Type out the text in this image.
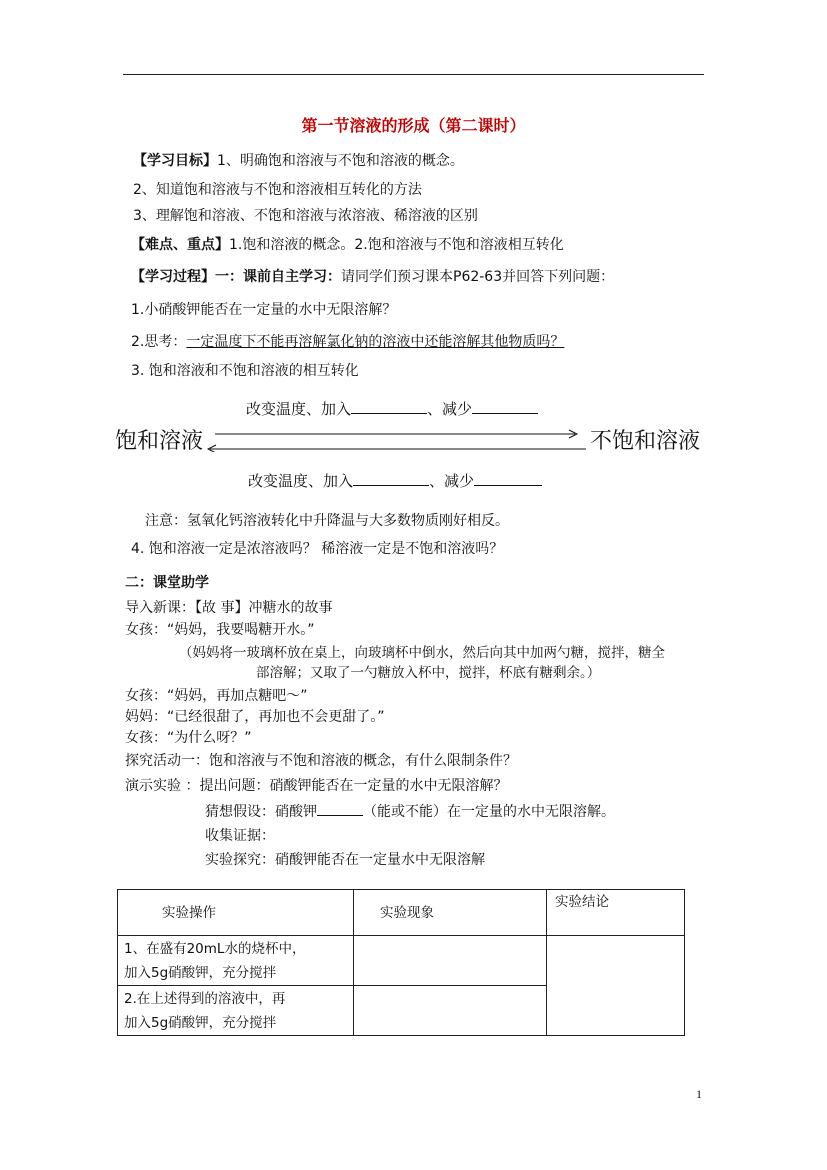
第一节溶液的形成（第二课时）
【学习目标】1、明确饱和溶液与不饱和溶液的概念。
2、知道饱和溶液与不饱和溶液相互转化的方法
3、理解饱和溶液、不饱和溶液与浓溶液、稀溶液的区别
【难点、重点】1.饱和溶液的概念。2.饱和溶液与不饱和溶液相互转化
【学习过程】一：课前自主学习：请同学们预习课本P62-63并回答下列问题：
1.小硝酸钾能否在一定量的水中无限溶解？
2.思考：一定温度下不能再溶解氯化钠的溶液中还能溶解其他物质吗？
3. 饱和溶液和不饱和溶液的相互转化
改变温度、加入	、减少
饱和溶液	不饱和溶液
改变温度、加入	、减少
注意：氢氧化钙溶液转化中升降温与大多数物质刚好相反。
4. 饱和溶液一定是浓溶液吗？ 稀溶液一定是不饱和溶液吗？
二：课堂助学
导入新课：【故 事】冲糖水的故事
女孩：“妈妈，我要喝糖开水。”
（妈妈将一玻璃杯放在桌上，向玻璃杯中倒水，然后向其中加两勺糖，搅拌，糖全
部溶解；又取了一勺糖放入杯中，搅拌，杯底有糖剩余。）
女孩：“妈妈，再加点糖吧～”
妈妈：“已经很甜了，再加也不会更甜了。”
女孩：“为什么呀？”
探究活动一：饱和溶液与不饱和溶液的概念，有什么限制条件？
演示实验 ：提出问题：硝酸钾能否在一定量的水中无限溶解？
猜想假设：硝酸钾	（能或不能）在一定量的水中无限溶解。
收集证据：
实验探究：硝酸钾能否在一定量水中无限溶解
实验操作	实验现象	实验结论

1、在盛有20mL水的烧杯中，
加入5g硝酸钾，充分搅拌		

2.在上述得到的溶液中，再
加入5g硝酸钾，充分搅拌		

1
